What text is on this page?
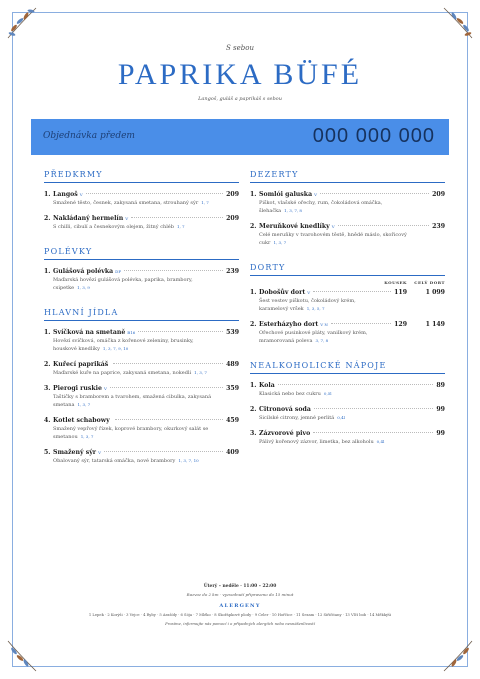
S sebou
PAPRIKA BÜFÉ
Langoš, guláš a paprikáš s sebou
Objednávka předem	000 000 000
PŘEDKRMY
1. Langoš V	209
Smažené těsto, česnek, zakysaná smetana, strouhaný sýr 1, 7
2. Nakládaný hermelín V	209
S chilli, cibulí a česnekovým olejem, žitný chléb 1, 7
POLÉVKY
1. Gulášová polévka DF	239
Maďarská hovězí gulášová polévka, paprika, brambory, csipetke 1, 3, 9
HLAVNÍ JÍDLA
1. Svíčková na smetaně B16	539
Hovězí svíčková, omáčka z kořenové zeleniny, brusinky, houskové knedlíky 1, 3, 7, 9, 10
2. Kuřecí paprikáš	489
Maďarské kuře na paprice, zakysaná smetana, nokedli 1, 3, 7
3. Pierogi ruskie V	359
Taštičky s bramborem a tvarohem, smažená cibulka, zakysaná smetana 1, 3, 7
4. Kotlet schabowy	459
Smažený vepřový řízek, koprové brambory, okurkový salát se smetanou 1, 3, 7
5. Smažený sýr V	409
Obalovaný sýr, tatarská omáčka, nové brambory 1, 3, 7, 10
DEZERTY
1. Somlói galuska V	209
Piškot, vlašské ořechy, rum, čokoládová omáčka, šlehačka 1, 3, 7, 8
2. Meruňkové knedlíky V	239
Celé meruňky v tvarohovém těstě, hnědé máslo, skořicový cukr 1, 3, 7
DORTY
KOUSEK	CELÝ DORT
1. Dobošův dort V	119	1 099
Šest vestev piškotu, čokoládový krém, karamelový vršek 1, 3, 5, 7
2. Esterházyho dort V N	129	1 149
Ořechové pusinkové pláty, vanilkový krém, mramorovaná poleva 3, 7, 8
NEALKOHOLICKÉ NÁPOJE
1. Kola	89
Klasická nebo bez cukru 0,5l
2. Citronová soda	99
Sicilské citrony, jemné perlitá 0,4l
3. Zázvorové pivo	99
Pálivý kořenový zázvor, limetka, bez alkoholu 0,4l
Úterý – neděle · 11:00 – 22:00
Razvoz do 2 km · vyzvednutí připraveno do 15 minut
ALERGENY
1 Lepek · 2 Korýši · 3 Vejce · 4 Ryby · 5 Arašídy · 6 Sója · 7 Mléko · 8 Skořápkové plody · 9 Celer · 10 Hořčice · 11 Sezam · 12 Siřičitany · 13 Vlčí bob · 14 Měkkýši
Prosíme, informujte nás pomocí i o případných alergiích nebo nesnášenlivostí
